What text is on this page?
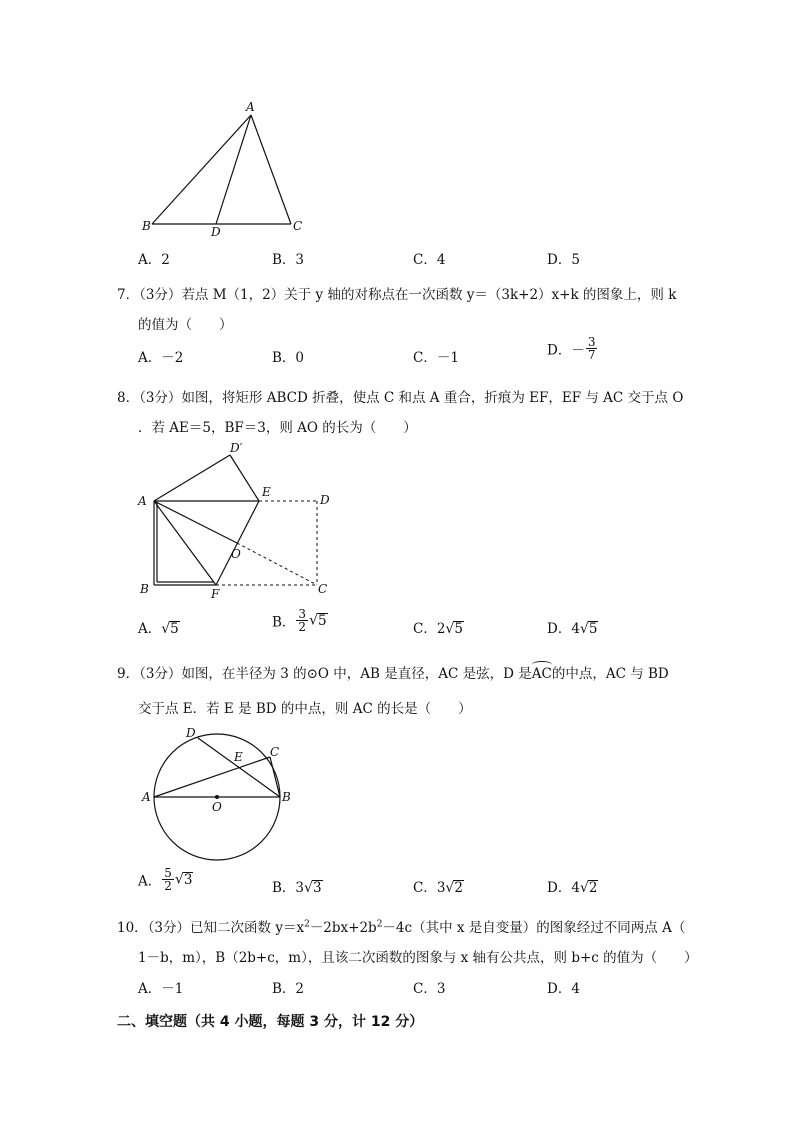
A
B	C
D
A．2	B．3	C．4	D．5
7．（3分）若点 M（1，2）关于 y 轴的对称点在一次函数 y＝（3k+2）x+k 的图象上，则 k
的值为（　　）
A．－2	B．0	C．－1	D．－ $\frac{3}{7}$
8．（3分）如图，将矩形 ABCD 折叠，使点 C 和点 A 重合，折痕为 EF，EF 与 AC 交于点 O
．若 AE＝5，BF＝3，则 AO 的长为（　　）
A
B	C
D
D′
E
F
O
A．√5	B． $\frac{3}{2} √5$
C．2√5	D．4√5
9．（3分）如图，在半径为 3 的⊙O 中，AB 是直径，AC 是弦，D 是AC的中点，AC 与 BD
交于点 E．若 E 是 BD 的中点，则 AC 的长是（　　）
A	B
C
D
E
O
A． $\frac{5}{2} √3$
B．3√3	C．3√2	D．4√2
10．（3分）已知二次函数 $y=x^2-2bx+2b^2-4c$（其中 x 是自变量）的图象经过不同两点 A（
1－b，m），B（2b+c，m），且该二次函数的图象与 x 轴有公共点，则 b+c 的值为（　　）
A．－1	B．2	C．3	D．4
二、填空题（共 4 小题，每题 3 分，计 12 分）
